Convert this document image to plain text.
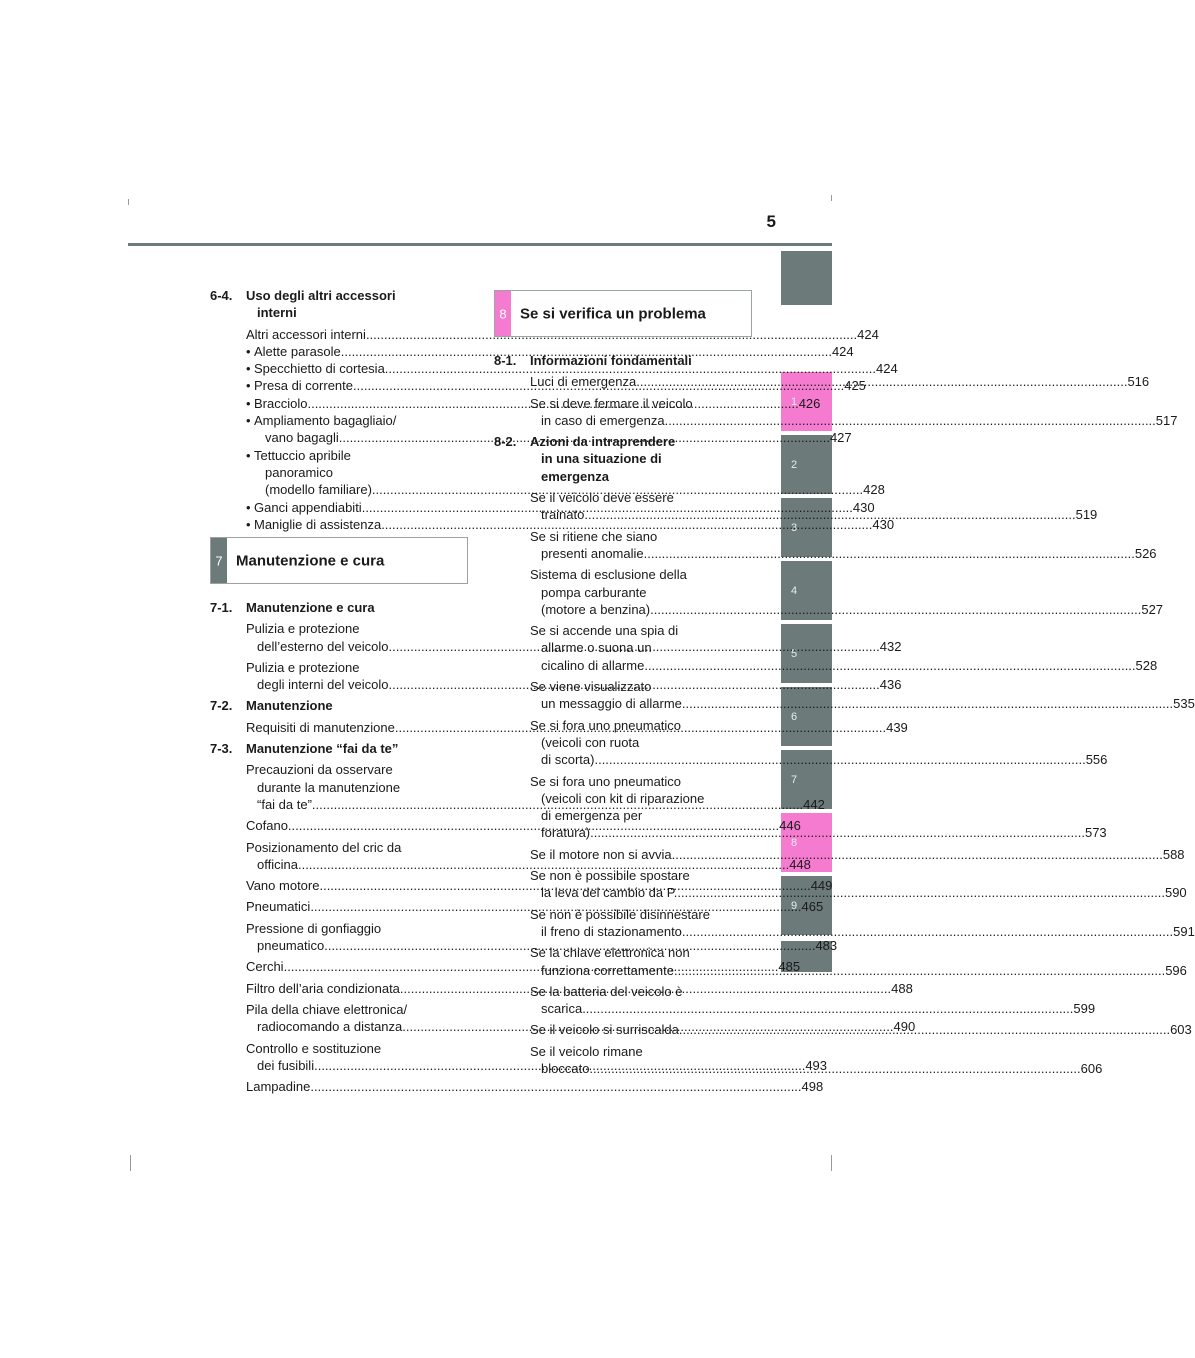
5
1
2
3
4
5
6
7
8
9
6-4.	Uso degli altri accessori
interni
Altri accessori interni .....	424
• Alette parasole .....	424
• Specchietto di cortesia .....	424
• Presa di corrente .....	425
• Bracciolo .....	426
• Ampliamento bagagliaio/
vano bagagli .....	427
• Tettuccio apribile
panoramico
(modello familiare) .....	428
• Ganci appendiabiti .....	430
• Maniglie di assistenza .....	430
7 Manutenzione e cura
7-1.	Manutenzione e cura
Pulizia e protezione
dell’esterno del veicolo .....	432
Pulizia e protezione
degli interni del veicolo .....	436
7-2.	Manutenzione
Requisiti di manutenzione .....	439
7-3.	Manutenzione “fai da te”
Precauzioni da osservare
durante la manutenzione
“fai da te” .....	442
Cofano .....	446
Posizionamento del cric da
officina .....	448
Vano motore .....	449
Pneumatici .....	465
Pressione di gonfiaggio
pneumatico .....	483
Cerchi. .....	485
Filtro dell’aria condizionata .....	488
Pila della chiave elettronica/
radiocomando a distanza .....	490
Controllo e sostituzione
dei fusibili .....	493
Lampadine .....	498
8 Se si verifica un problema
8-1.	Informazioni fondamentali
Luci di emergenza .....	516
Se si deve fermare il veicolo
in caso di emergenza .....	517
8-2.	Azioni da intraprendere
in una situazione di
emergenza
Se il veicolo deve essere
trainato .....	519
Se si ritiene che siano
presenti anomalie .....	526
Sistema di esclusione della
pompa carburante
(motore a benzina) .....	527
Se si accende una spia di
allarme o suona un
cicalino di allarme .....	528
Se viene visualizzato
un messaggio di allarme .....	535
Se si fora uno pneumatico
(veicoli con ruota
di scorta) .....	556
Se si fora uno pneumatico
(veicoli con kit di riparazione
di emergenza per
foratura). .....	573
Se il motore non si avvia .....	588
Se non è possibile spostare
la leva del cambio da P .....	590
Se non è possibile disinnestare
il freno di stazionamento .....	591
Se la chiave elettronica non
funziona correttamente .....	596
Se la batteria del veicolo è
scarica .....	599
Se il veicolo si surriscalda .....	603
Se il veicolo rimane
bloccato .....	606
